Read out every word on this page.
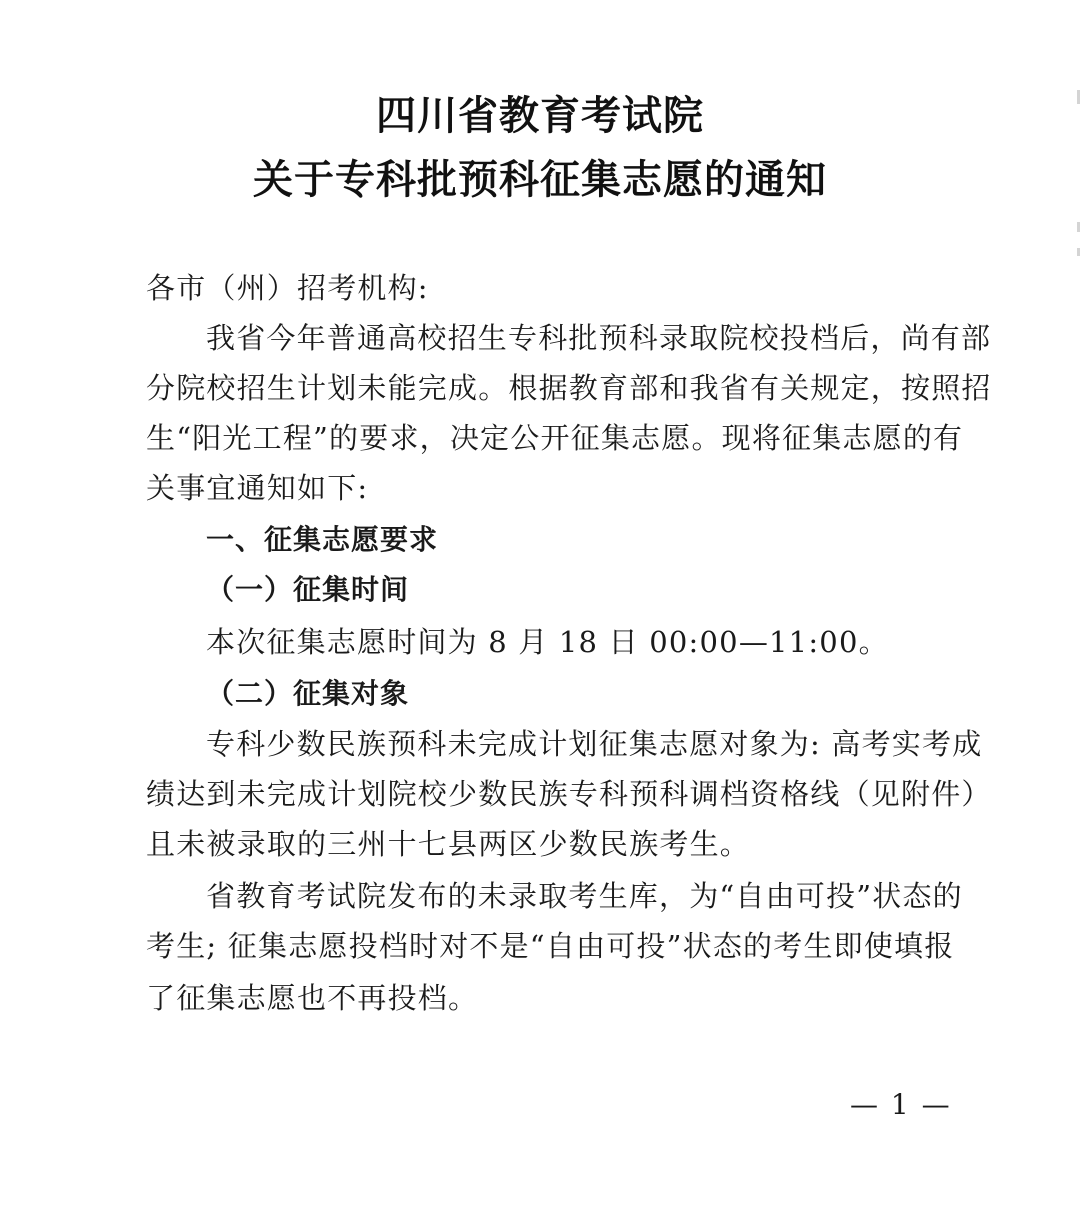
四川省教育考试院
关于专科批预科征集志愿的通知
各市（州）招考机构:
我省今年普通高校招生专科批预科录取院校投档后，尚有部
分院校招生计划未能完成。根据教育部和我省有关规定，按照招
生“阳光工程”的要求，决定公开征集志愿。现将征集志愿的有
关事宜通知如下:
一、征集志愿要求
（一）征集时间
本次征集志愿时间为 8 月 18 日 00:00—11:00。
（二）征集对象
专科少数民族预科未完成计划征集志愿对象为: 高考实考成
绩达到未完成计划院校少数民族专科预科调档资格线（见附件）
且未被录取的三州十七县两区少数民族考生。
省教育考试院发布的未录取考生库，为“自由可投”状态的
考生; 征集志愿投档时对不是“自由可投”状态的考生即使填报
了征集志愿也不再投档。
— 1 —
